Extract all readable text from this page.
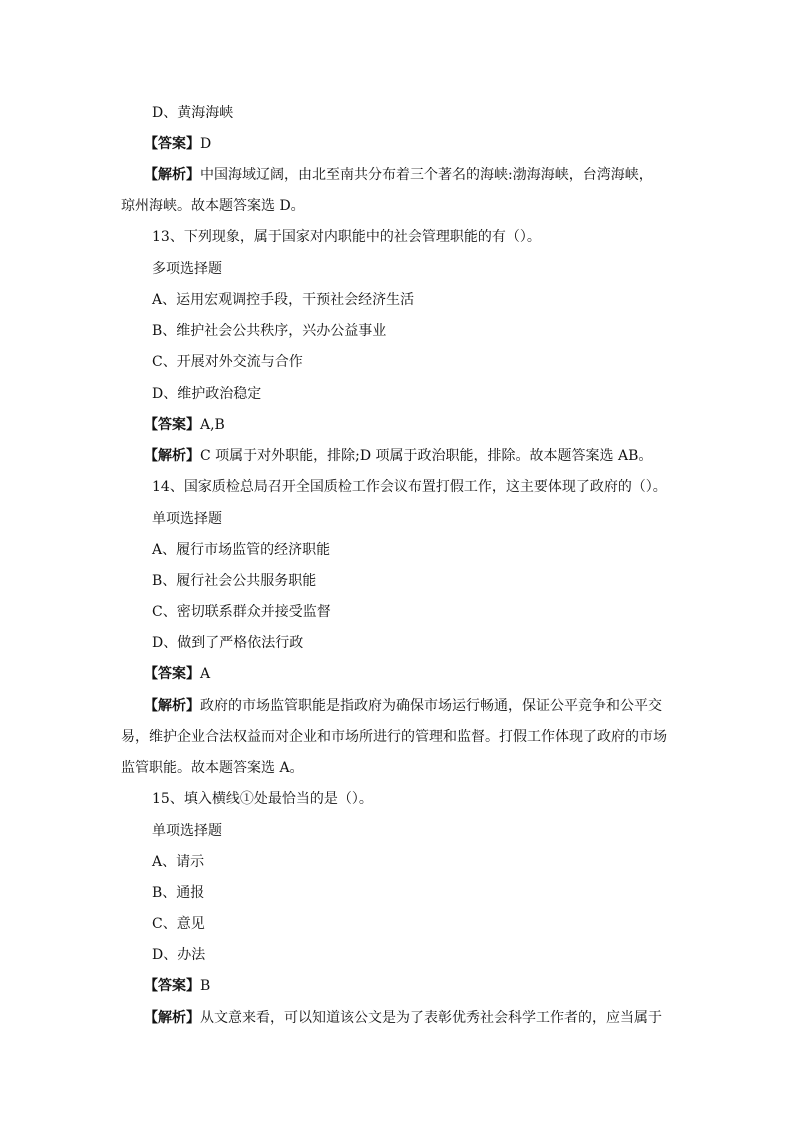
D、黄海海峡
【答案】D
【解析】中国海域辽阔，由北至南共分布着三个著名的海峡:渤海海峡，台湾海峡，
琼州海峡。故本题答案选 D。
13、下列现象，属于国家对内职能中的社会管理职能的有（）。
多项选择题
A、运用宏观调控手段，干预社会经济生活
B、维护社会公共秩序，兴办公益事业
C、开展对外交流与合作
D、维护政治稳定
【答案】A,B
【解析】C 项属于对外职能，排除;D 项属于政治职能，排除。故本题答案选 AB。
14、国家质检总局召开全国质检工作会议布置打假工作，这主要体现了政府的（）。
单项选择题
A、履行市场监管的经济职能
B、履行社会公共服务职能
C、密切联系群众并接受监督
D、做到了严格依法行政
【答案】A
【解析】政府的市场监管职能是指政府为确保市场运行畅通，保证公平竞争和公平交
易，维护企业合法权益而对企业和市场所进行的管理和监督。打假工作体现了政府的市场
监管职能。故本题答案选 A。
15、填入横线①处最恰当的是（）。
单项选择题
A、请示
B、通报
C、意见
D、办法
【答案】B
【解析】从文意来看，可以知道该公文是为了表彰优秀社会科学工作者的，应当属于
